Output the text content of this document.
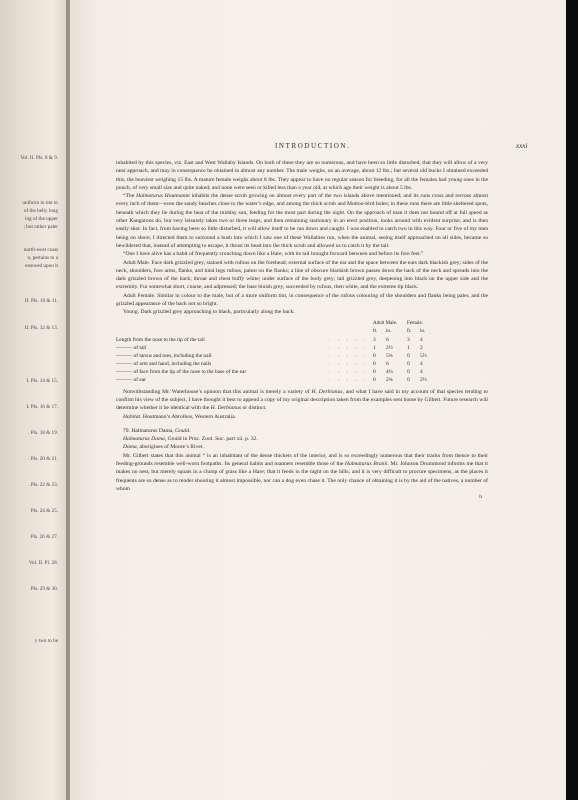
Vol. II. Pls. 8 & 9.
uniform in tint to
of the belly long
ing of the upper
; but rather paler
north-west coast
n, pertains to a
estowed upon it
II. Pls. 10 & 11.
II. Pls. 12 & 13.
I. Pls. 14 & 15.
I. Pls. 16 & 17.
. Pls. 18 & 19.
. Pls. 20 & 21.
. Pls. 22 & 23.
Pls. 24 & 25.
Pls. 26 & 27.
Vol. II. Pl. 28.
Pls. 29 & 30.
y two to be
INTRODUCTION.	xxxi

inhabited by this species, viz. East and West Wallaby Islands. On both of these they are so numerous, and have been so little disturbed, that they will allow of a very near approach, and may in consequence be obtained in almost any number. The male weighs, on an average, about 12 lbs.; but several old bucks I obtained exceeded this, the heaviest weighing 15 lbs. A mature female weighs about 8 lbs. They appear to have no regular season for breeding, for all the females had young ones in the pouch, of very small size and quite naked; and none were seen or killed less than a year old, at which age their weight is about 5 lbs.

“The Halmaturus Houtmanni inhabits the dense scrub growing on almost every part of the two islands above mentioned; and its runs cross and recross almost every inch of them—even the sandy beaches close to the water’s edge, and among the thick scrub and Mutton-bird holes; in these runs there are little sheltered spots, beneath which they lie during the heat of the midday sun, feeding for the most part during the night. On the approach of man it does not bound off at full speed as other Kangaroos do, but very leisurely takes two or three leaps, and then remaining stationary in an erect position, looks around with evident surprise, and is then easily shot. In fact, from having been so little disturbed, it will allow itself to be run down and caught. I was enabled to catch two in this way. Four or five of my men being on shore, I directed them to surround a bush into which I saw one of these Wallabies run, when the animal, seeing itself approached on all sides, became so bewildered that, instead of attempting to escape, it thrust its head into the thick scrub and allowed us to catch it by the tail.

“One I have alive has a habit of frequently crouching down like a Hare, with its tail brought forward between and before its fore feet.”

Adult Male. Face dark grizzled grey, stained with rufous on the forehead; external surface of the ear and the space between the ears dark blackish grey; sides of the neck, shoulders, fore arms, flanks, and hind legs rufous, palest on the flanks; a line of obscure blackish brown passes down the back of the neck and spreads into the dark grizzled brown of the back; throat and chest buffy white; under surface of the body grey; tail grizzled grey, deepening into black on the upper side and the extremity. Fur somewhat short, coarse, and adpressed; the base bluish grey, succeeded by rufous, then white, and the extreme tip black.

Adult Female. Similar in colour to the male, but of a more uniform tint, in consequence of the rufous colouring of the shoulders and flanks being paler, and the grizzled appearance of the back not so bright.

Young. Dark grizzled grey approaching to black, particularly along the back.

		Adult Male.			Female.	
		ft.	in.		ft.	in.
Length from the nose to the tip of the tail	. . . . .	3	6		3	4
——— of tail	. . . . .	1	2½		1	2
——— of tarsus and toes, including the nail	. . . . .	0	5¾		0	5½
——— of arm and hand, including the nails	. . . . .	0	6		0	4
——— of face from the tip of the nose to the base of the ear	. . . . .	0	4¼		0	4
——— of ear	. . . . .	0	2¾		0	2½

Notwithstanding Mr. Waterhouse’s opinion that this animal is merely a variety of H. Derbianus, and what I have said in my account of that species tending to confirm his view of the subject, I have thought it best to append a copy of my original description taken from the examples sent home by Gilbert. Future research will determine whether it be identical with the H. Derbianus or distinct.

Habitat. Houtmann’s Abrolhos, Western Australia.

79. Halmaturus Dama, Gould.

Halmaturus Dama, Gould in Proc. Zool. Soc. part xii. p. 32.

Dama, aborigines of Moore’s River.

Mr. Gilbert states that this animal “ is an inhabitant of the dense thickets of the interior, and is so exceedingly numerous that their tracks from thence to their feeding-grounds resemble well-worn footpaths. Its general habits and manners resemble those of the Halmaturus Brunii. Mr. Johnson Drummond informs me that it makes no nest, but merely squats in a clump of grass like a Hare; that it feeds in the night on the hills; and it is very difficult to procure specimens, as the places it frequents are so dense as to render shooting it almost impossible, nor can a dog even chase it. The only chance of obtaining it is by the aid of the natives, a number of whom

h
